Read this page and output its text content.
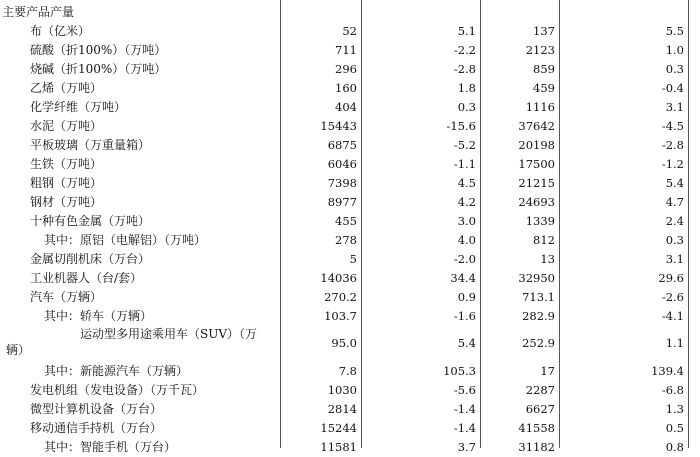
主要产品产量
布（亿米）	52	5.1	137	5.5
硫酸（折100%）（万吨）	711	-2.2	2123	1.0
烧碱（折100%）（万吨）	296	-2.8	859	0.3
乙烯（万吨）	160	1.8	459	-0.4
化学纤维（万吨）	404	0.3	1116	3.1
水泥（万吨）	15443	-15.6	37642	-4.5
平板玻璃（万重量箱）	6875	-5.2	20198	-2.8
生铁（万吨）	6046	-1.1	17500	-1.2
粗钢（万吨）	7398	4.5	21215	5.4
钢材（万吨）	8977	4.2	24693	4.7
十种有色金属（万吨）	455	3.0	1339	2.4
其中：原铝（电解铝）（万吨）	278	4.0	812	0.3
金属切削机床（万台）	5	-2.0	13	3.1
工业机器人（台/套）	14036	34.4	32950	29.6
汽车（万辆）	270.2	0.9	713.1	-2.6
其中：轿车（万辆）	103.7	-1.6	282.9	-4.1
运动型多用途乘用车（SUV）（万
辆）	95.0	5.4	252.9	1.1
其中：新能源汽车（万辆）	7.8	105.3	17	139.4
发电机组（发电设备）（万千瓦）	1030	-5.6	2287	-6.8
微型计算机设备（万台）	2814	-1.4	6627	1.3
移动通信手持机（万台）	15244	-1.4	41558	0.5
其中：智能手机（万台）	11581	3.7	31182	0.8
